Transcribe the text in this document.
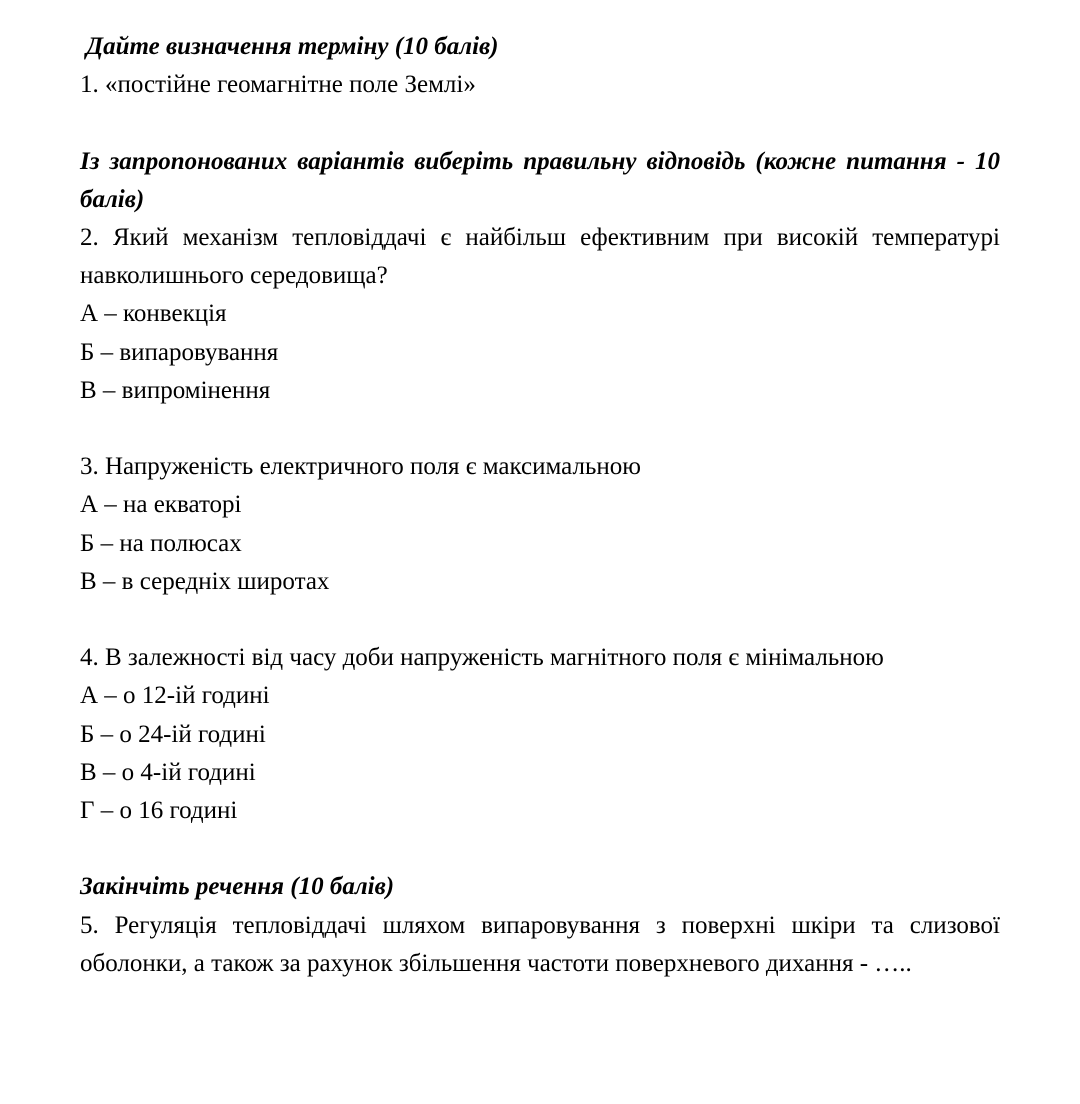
Дайте визначення терміну (10 балів)
1. «постійне геомагнітне поле Землі»
Із запропонованих варіантів виберіть правильну відповідь (кожне питання - 10 балів)
2. Який механізм тепловіддачі є найбільш ефективним при високій температурі навколишнього середовища?
А – конвекція
Б – випаровування
В – випромінення
3. Напруженість електричного поля є максимальною
А – на екваторі
Б – на полюсах
В – в середніх широтах
4. В залежності від часу доби напруженість магнітного поля є мінімальною
А – о 12-ій годині
Б – о 24-ій годині
В – о 4-ій годині
Г – о 16 годині
Закінчіть речення (10 балів)
5. Регуляція тепловіддачі шляхом випаровування з поверхні шкіри та слизової оболонки, а також за рахунок збільшення частоти поверхневого дихання - …..
